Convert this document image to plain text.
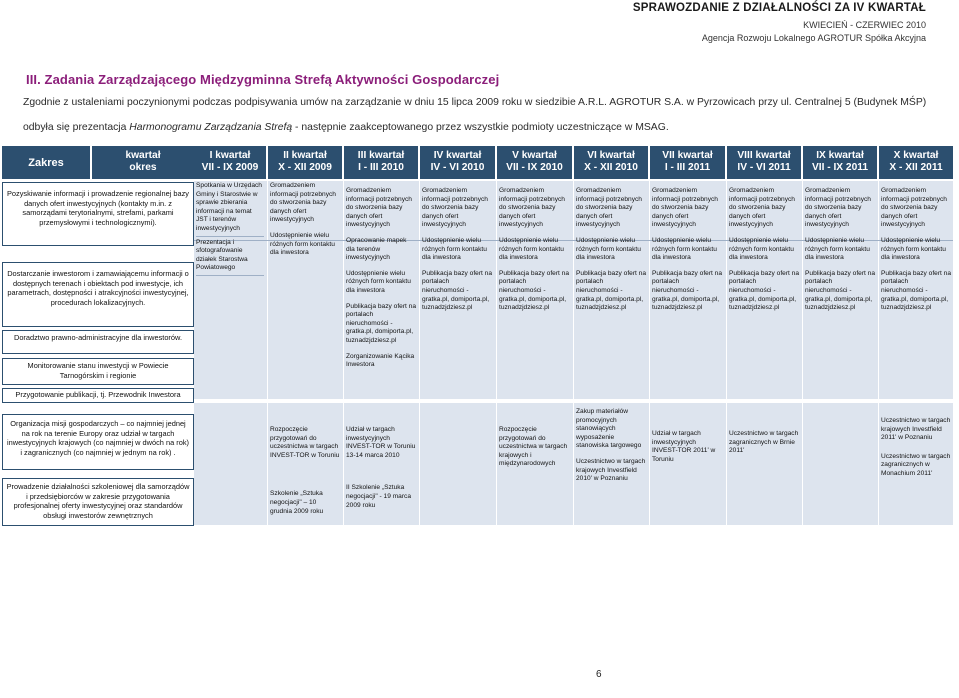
SPRAWOZDANIE Z DZIAŁALNOŚCI ZA IV KWARTAŁ
KWIECIEŃ - CZERWIEC 2010
Agencja Rozwoju Lokalnego AGROTUR Spółka Akcyjna
III. Zadania Zarządzającego Międzygminna Strefą Aktywności Gospodarczej
Zgodnie z ustaleniami poczynionymi podczas podpisywania umów na zarządzanie w dniu 15 lipca 2009 roku w siedzibie A.R.L. AGROTUR S.A. w Pyrzowicach przy ul. Centralnej 5 (Budynek MŚP)
odbyła się prezentacja Harmonogramu Zarządzania Strefą - następnie zaakceptowanego przez wszystkie podmioty uczestniczące w MSAG.
Zakres
kwartał
okres
I kwartał
VII - IX 2009
II kwartał
X - XII 2009
III kwartał
I - III 2010
IV kwartał
IV - VI 2010
V kwartał
VII - IX 2010
VI kwartał
X - XII 2010
VII kwartał
I - III 2011
VIII kwartał
IV - VI 2011
IX kwartał
VII - IX 2011
X kwartał
X - XII 2011
Pozyskiwanie informacji i prowadzenie regionalnej bazy danych ofert inwestycyjnych (kontakty m.in. z samorządami terytorialnymi, strefami, parkami przemysłowymi i technologicznymi).
Dostarczanie inwestorom i zamawiającemu informacji o dostępnych terenach i obiektach pod inwestycje, ich parametrach, dostępności i atrakcyjności inwestycyjnej, procedurach lokalizacyjnych.
Doradztwo prawno-administracyjne dla inwestorów.
Monitorowanie stanu inwestycji w Powiecie Tarnogórskim i regionie
Przygotowanie publikacji, tj. Przewodnik Inwestora
Organizacja misji gospodarczych – co najmniej jednej na rok na terenie Europy oraz udział w targach inwestycyjnych krajowych (co najmniej w dwóch na rok) i zagranicznych (co najmniej w jednym na rok) .
Prowadzenie działalności szkoleniowej dla samorządów i przedsiębiorców w zakresie przygotowania profesjonalnej oferty inwestycyjnej oraz standardów obsługi inwestorów zewnętrznych
Spotkania w Urzędach Gminy i Starostwie w sprawie zbierania informacji na temat JST i terenów inwestycyjnych
Prezentacja i sfotografowanie działek Starostwa Powiatowego
Gromadzeniem informacji potrzebnych do stworzenia bazy danych ofert inwestycyjnych
Udostępnienie wielu różnych form kontaktu dla inwestora
Gromadzeniem informacji potrzebnych do stworzenia bazy danych ofert inwestycyjnych
Opracowanie mapek dla terenów inwestycyjnych
Udostępnienie wielu różnych form kontaktu dla inwestora
Publikacja bazy ofert na portalach nieruchomości - gratka.pl, domiporta.pl, tuznadzjdziesz.pl
Zorganizowanie Kącika Inwestora
Gromadzeniem informacji potrzebnych do stworzenia bazy danych ofert inwestycyjnych
Udostępnienie wielu różnych form kontaktu dla inwestora
Publikacja bazy ofert na portalach nieruchomości - gratka.pl, domiporta.pl, tuznadzjdziesz.pl
Gromadzeniem informacji potrzebnych do stworzenia bazy danych ofert inwestycyjnych
Udostępnienie wielu różnych form kontaktu dla inwestora
Publikacja bazy ofert na portalach nieruchomości - gratka.pl, domiporta.pl, tuznadzjdziesz.pl
Gromadzeniem informacji potrzebnych do stworzenia bazy danych ofert inwestycyjnych
Udostępnienie wielu różnych form kontaktu dla inwestora
Publikacja bazy ofert na portalach nieruchomości - gratka.pl, domiporta.pl, tuznadzjdziesz.pl
Gromadzeniem informacji potrzebnych do stworzenia bazy danych ofert inwestycyjnych
Udostępnienie wielu różnych form kontaktu dla inwestora
Publikacja bazy ofert na portalach nieruchomości - gratka.pl, domiporta.pl, tuznadzjdziesz.pl
Gromadzeniem informacji potrzebnych do stworzenia bazy danych ofert inwestycyjnych
Udostępnienie wielu różnych form kontaktu dla inwestora
Publikacja bazy ofert na portalach nieruchomości - gratka.pl, domiporta.pl, tuznadzjdziesz.pl
Gromadzeniem informacji potrzebnych do stworzenia bazy danych ofert inwestycyjnych
Udostępnienie wielu różnych form kontaktu dla inwestora
Publikacja bazy ofert na portalach nieruchomości - gratka.pl, domiporta.pl, tuznadzjdziesz.pl
Gromadzeniem informacji potrzebnych do stworzenia bazy danych ofert inwestycyjnych
Udostępnienie wielu różnych form kontaktu dla inwestora
Publikacja bazy ofert na portalach nieruchomości - gratka.pl, domiporta.pl, tuznadzjdziesz.pl
Rozpoczęcie przygotowań do uczestnictwa w targach INVEST-TOR w Toruniu
Szkolenie „Sztuka negocjacji" – 10 grudnia 2009 roku
Udział w targach inwestycyjnych INVEST-TOR w Toruniu 13-14 marca 2010
II Szkolenie „Sztuka negocjacji" - 19 marca 2009 roku
Rozpoczęcie przygotowań do uczestnictwa w targach krajowych i międzynarodowych
Zakup materiałów promocyjnych stanowiących wyposażenie stanowiska targowego
Uczestnictwo w targach krajowych Investfield 2010' w Poznaniu
Udział w targach inwestycyjnych INVEST-TOR 2011' w Toruniu
Uczestnictwo w targach zagranicznych w Brnie 2011'
Uczestnictwo w targach krajowych Investfield 2011' w Poznaniu
Uczestnictwo w targach zagranicznych w Monachium 2011'
6
